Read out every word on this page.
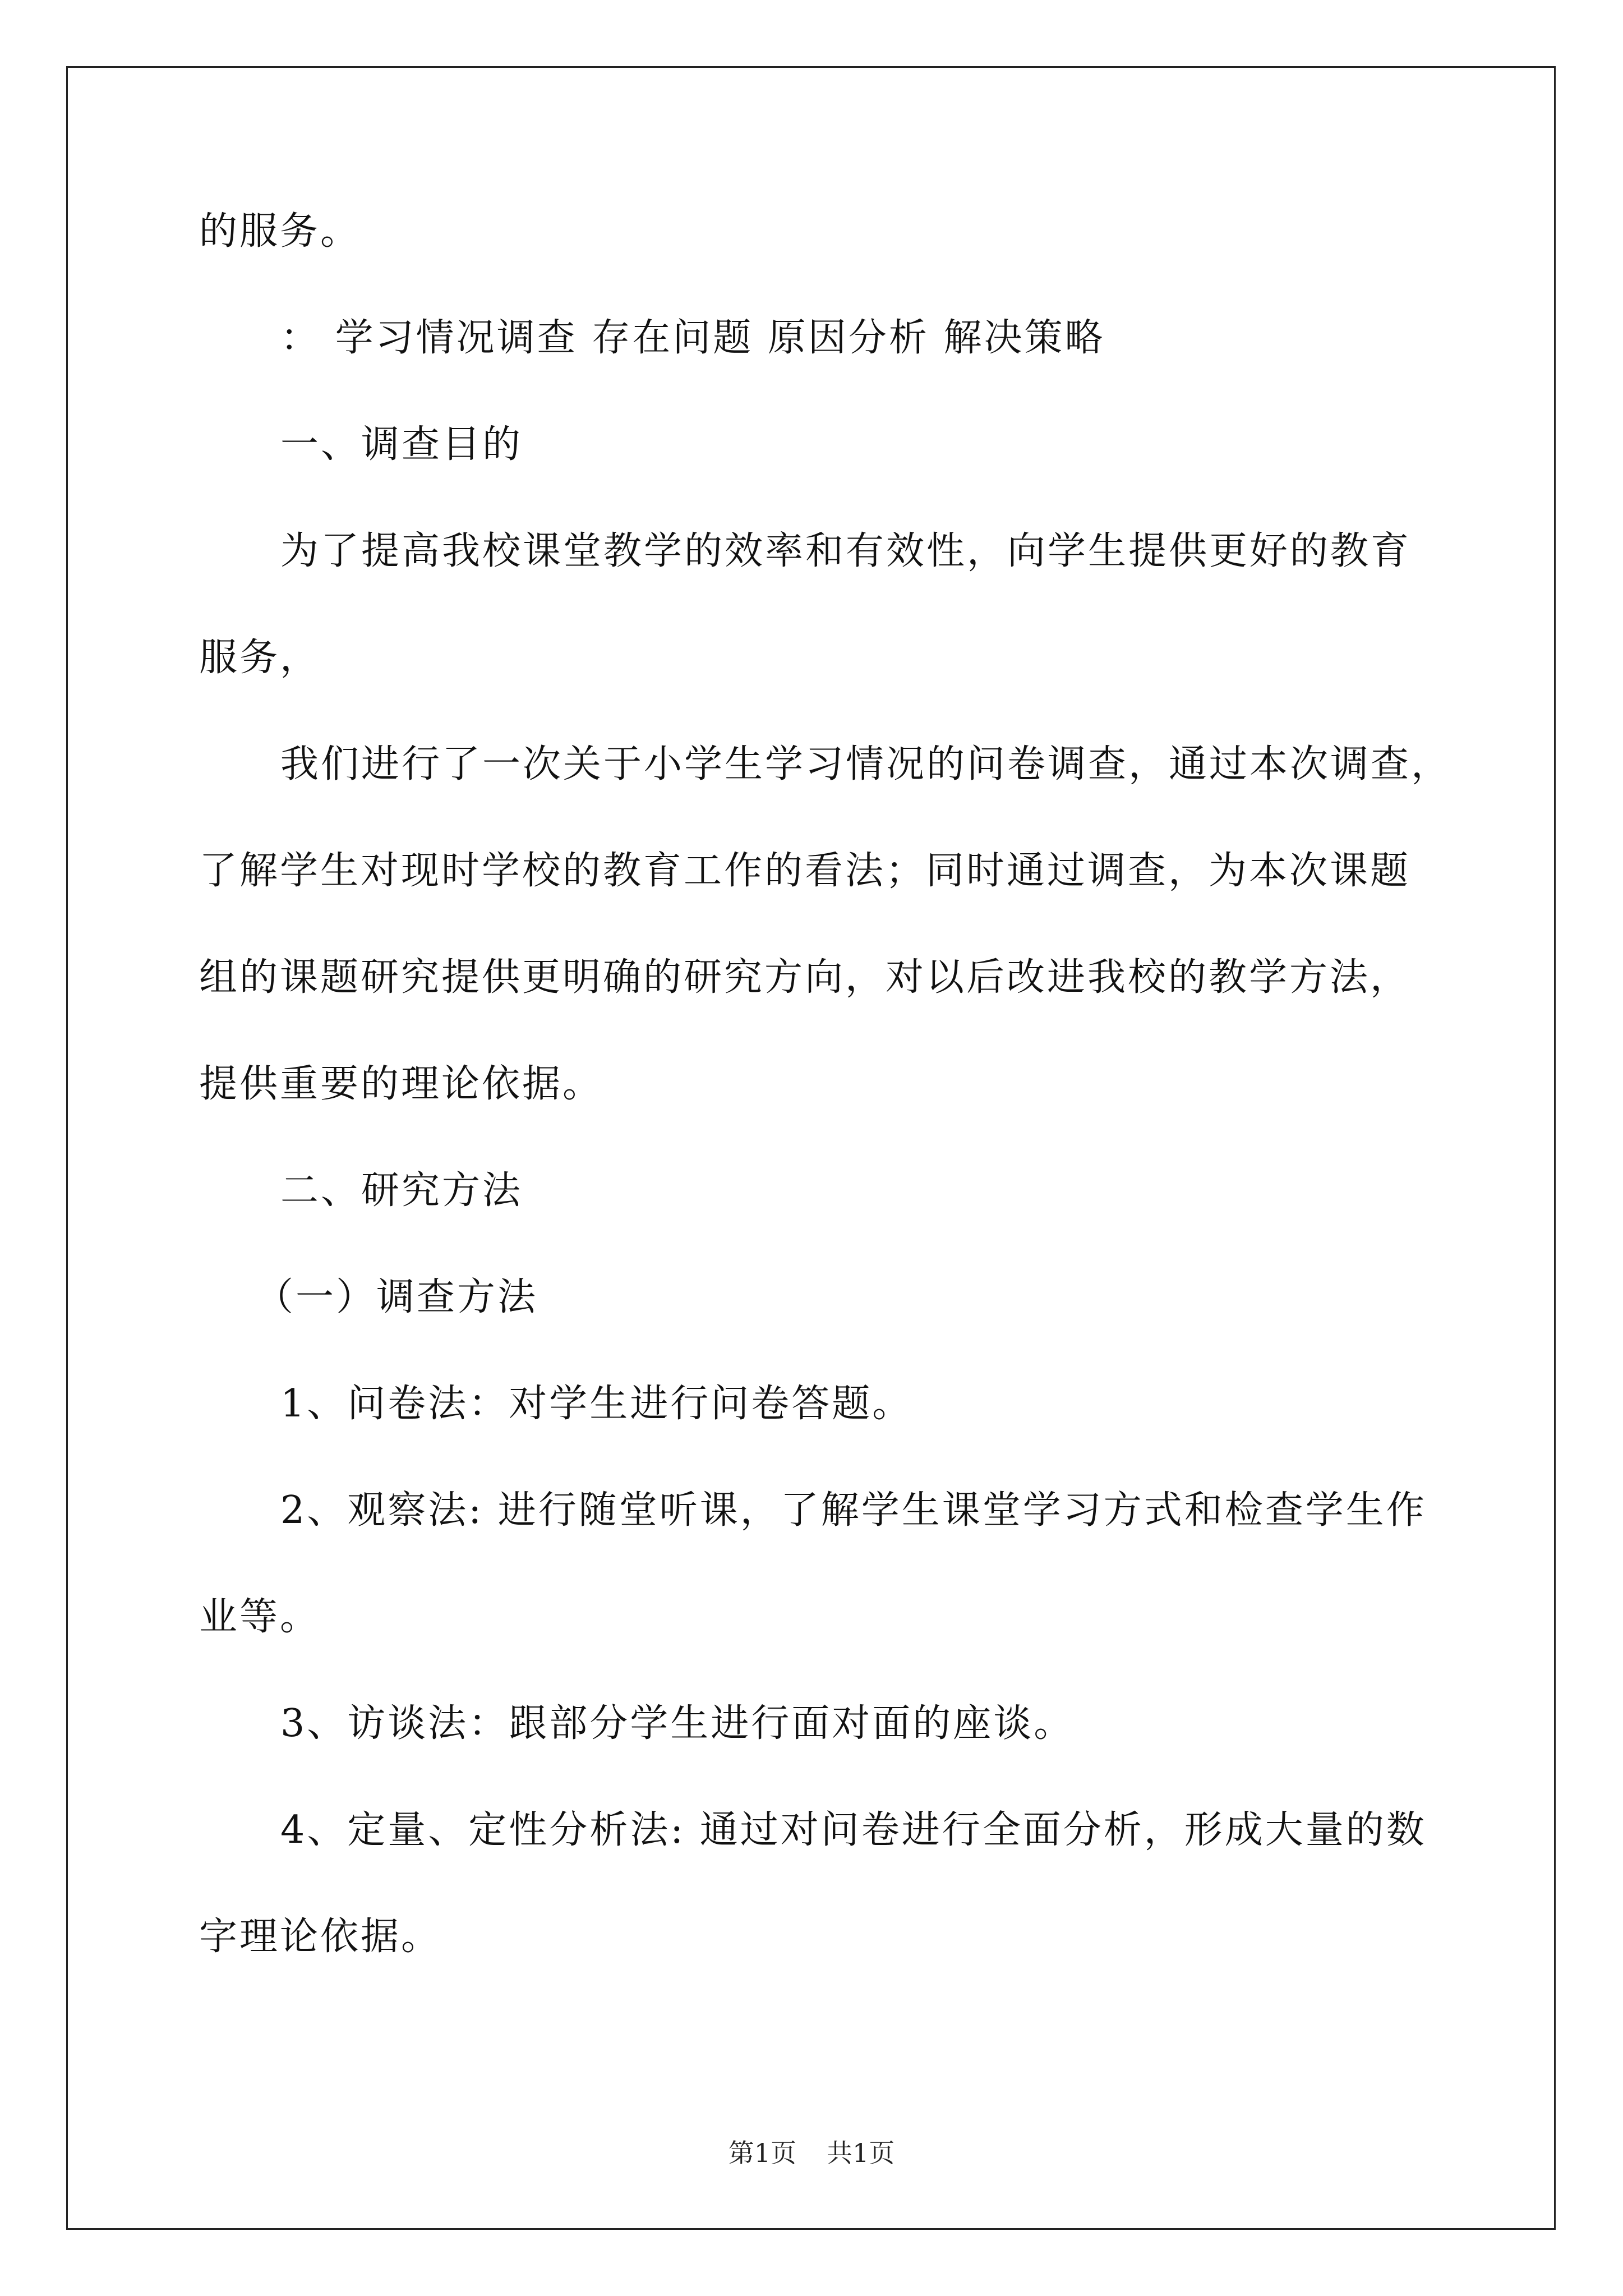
的服务。

： 学习情况调查 存在问题 原因分析 解决策略

一、调查目的

为了提高我校课堂教学的效率和有效性，向学生提供更好的教育

服务，

我们进行了一次关于小学生学习情况的问卷调查，通过本次调查，

了解学生对现时学校的教育工作的看法；同时通过调查，为本次课题

组的课题研究提供更明确的研究方向，对以后改进我校的教学方法，

提供重要的理论依据。

二、研究方法

（一）调查方法

1、问卷法：对学生进行问卷答题。

2、观察法: 进行随堂听课，了解学生课堂学习方式和检查学生作

业等。

3、访谈法：跟部分学生进行面对面的座谈。

4、定量、定性分析法: 通过对问卷进行全面分析，形成大量的数

字理论依据。

第1页 共1页
